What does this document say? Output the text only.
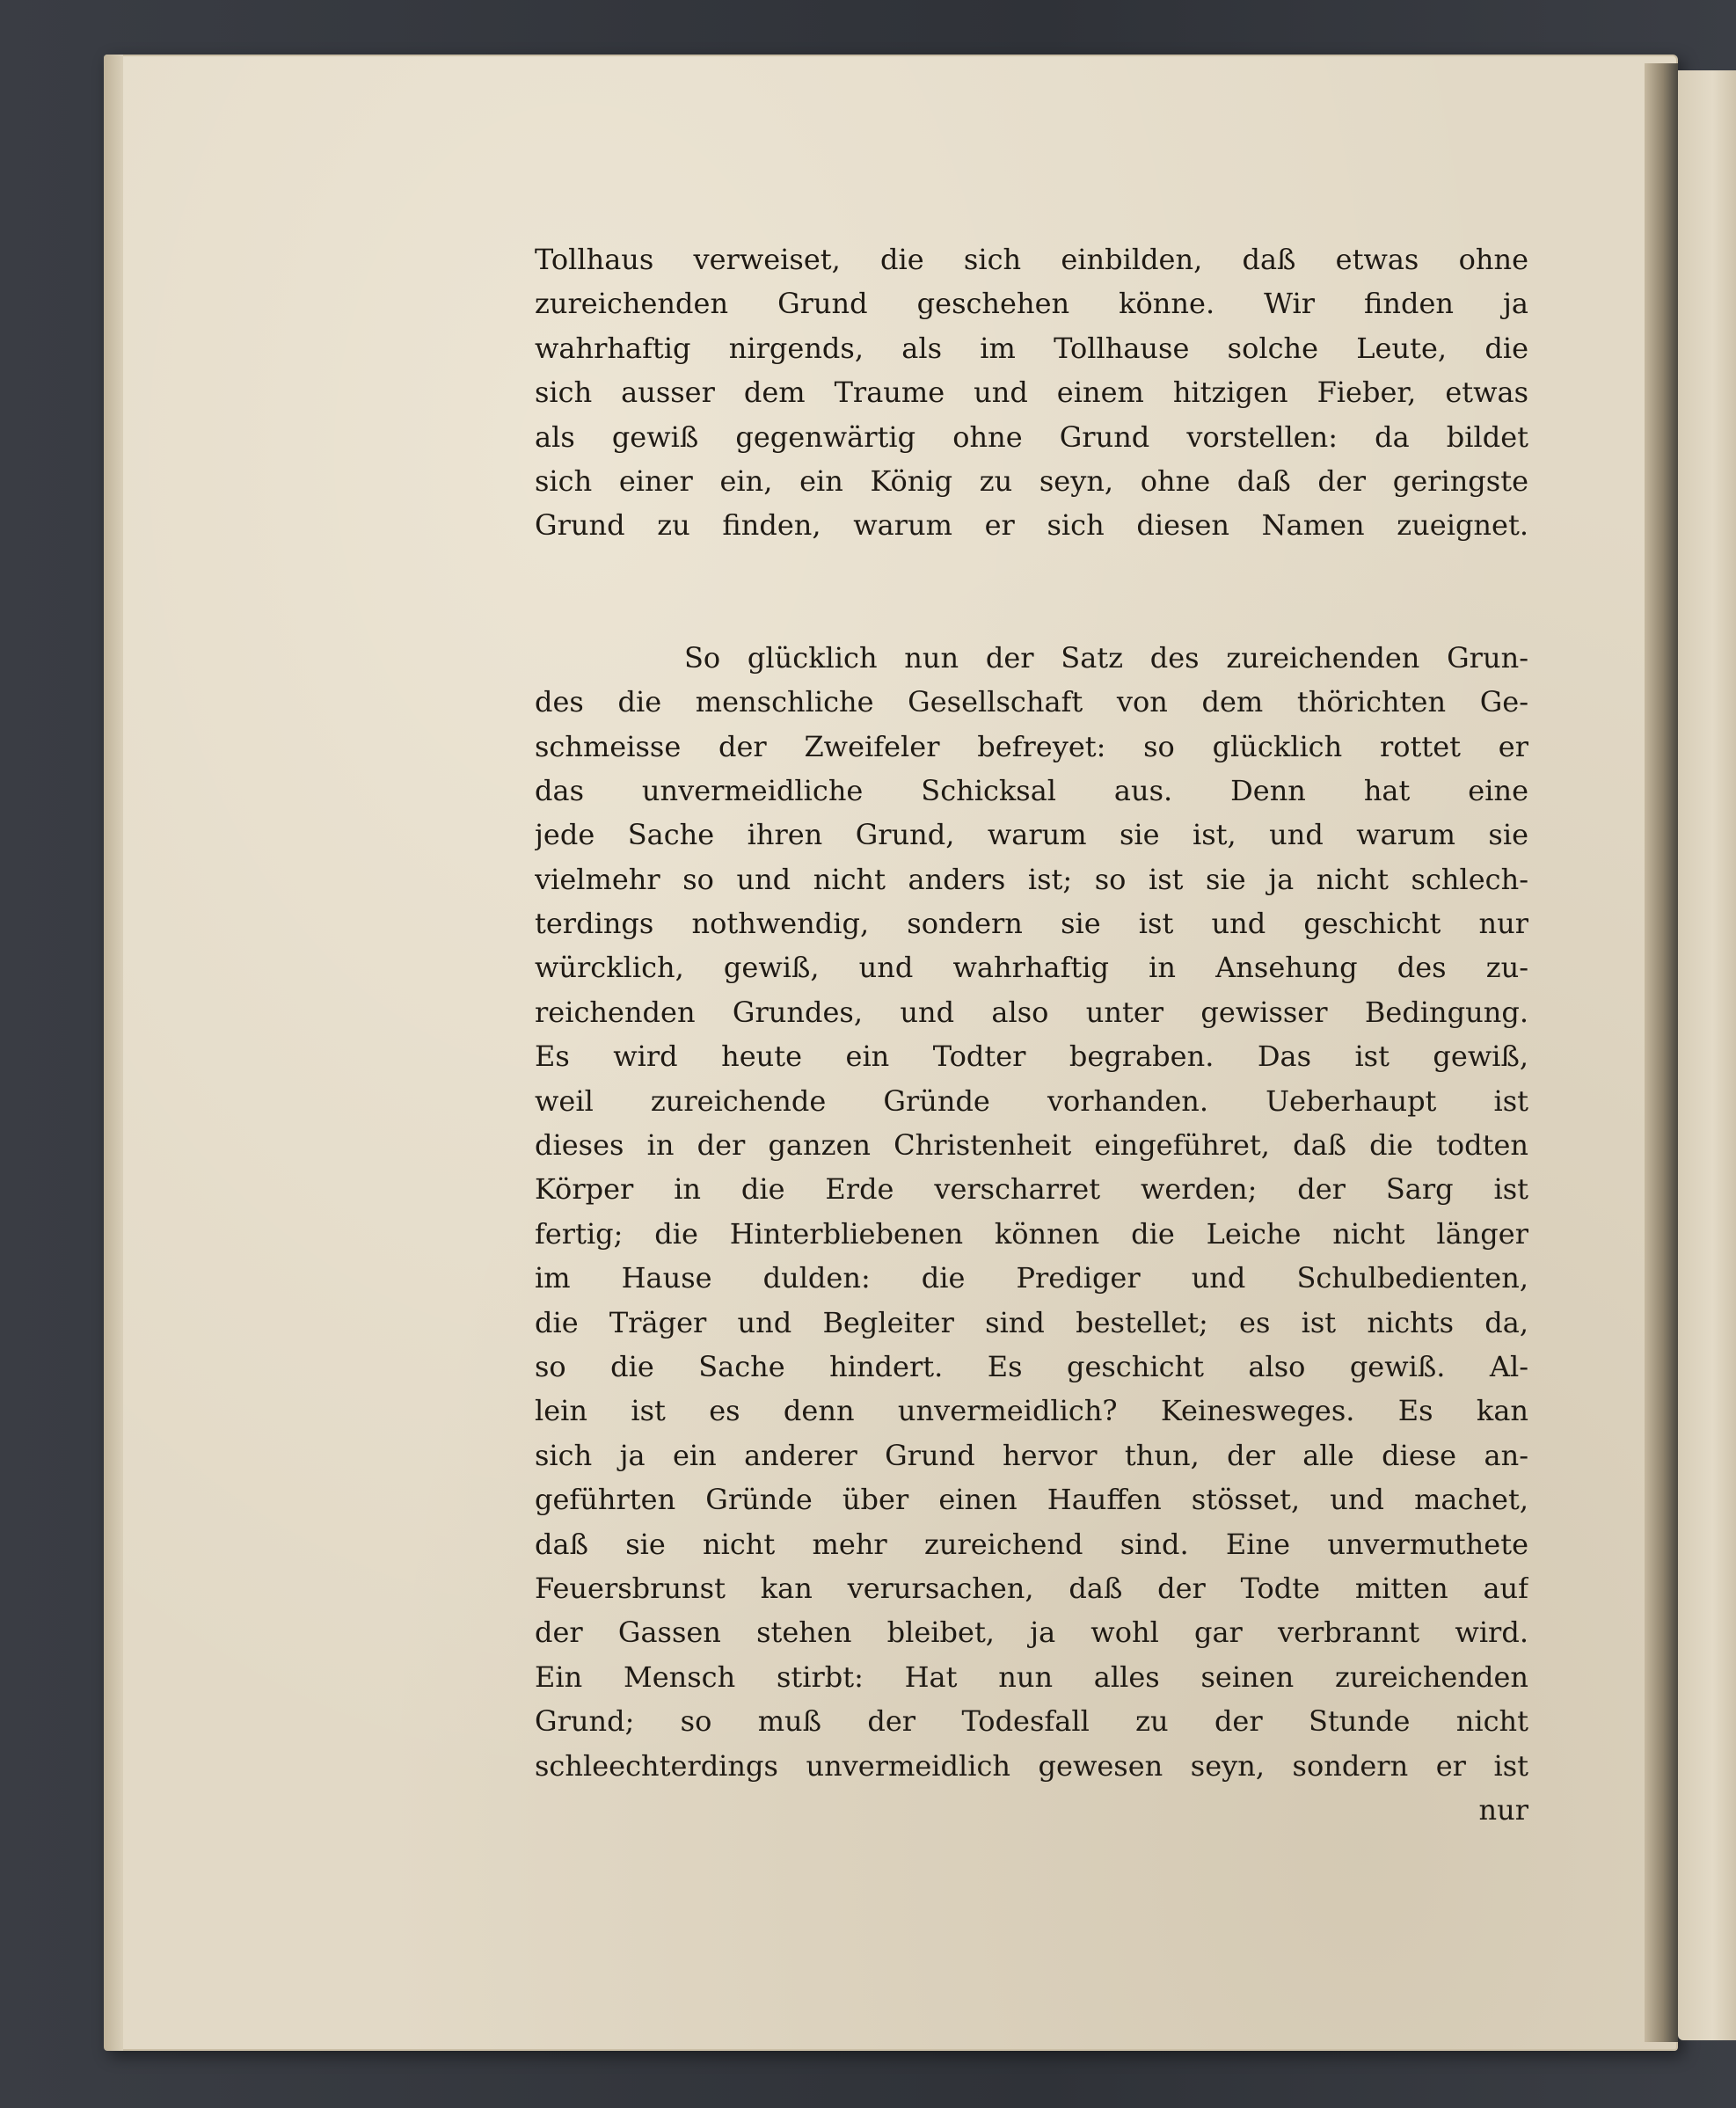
Tollhaus verweiset, die sich einbilden, daß etwas ohne
zureichenden Grund geschehen könne. Wir finden ja
wahrhaftig nirgends, als im Tollhause solche Leute, die
sich ausser dem Traume und einem hitzigen Fieber, etwas
als gewiß gegenwärtig ohne Grund vorstellen: da bildet
sich einer ein, ein König zu seyn, ohne daß der geringste
Grund zu finden, warum er sich diesen Namen zueignet.
So glücklich nun der Satz des zureichenden Grun-
des die menschliche Gesellschaft von dem thörichten Ge-
schmeisse der Zweifeler befreyet: so glücklich rottet er
das unvermeidliche Schicksal aus. Denn hat eine
jede Sache ihren Grund, warum sie ist, und warum sie
vielmehr so und nicht anders ist; so ist sie ja nicht schlech-
terdings nothwendig, sondern sie ist und geschicht nur
würcklich, gewiß, und wahrhaftig in Ansehung des zu-
reichenden Grundes, und also unter gewisser Bedingung.
Es wird heute ein Todter begraben. Das ist gewiß,
weil zureichende Gründe vorhanden. Ueberhaupt ist
dieses in der ganzen Christenheit eingeführet, daß die todten
Körper in die Erde verscharret werden; der Sarg ist
fertig; die Hinterbliebenen können die Leiche nicht länger
im Hause dulden: die Prediger und Schulbedienten,
die Träger und Begleiter sind bestellet; es ist nichts da,
so die Sache hindert. Es geschicht also gewiß. Al-
lein ist es denn unvermeidlich? Keinesweges. Es kan
sich ja ein anderer Grund hervor thun, der alle diese an-
geführten Gründe über einen Hauffen stösset, und machet,
daß sie nicht mehr zureichend sind. Eine unvermuthete
Feuersbrunst kan verursachen, daß der Todte mitten auf
der Gassen stehen bleibet, ja wohl gar verbrannt wird.
Ein Mensch stirbt: Hat nun alles seinen zureichenden
Grund; so muß der Todesfall zu der Stunde nicht
schleechterdings unvermeidlich gewesen seyn, sondern er ist
nur
